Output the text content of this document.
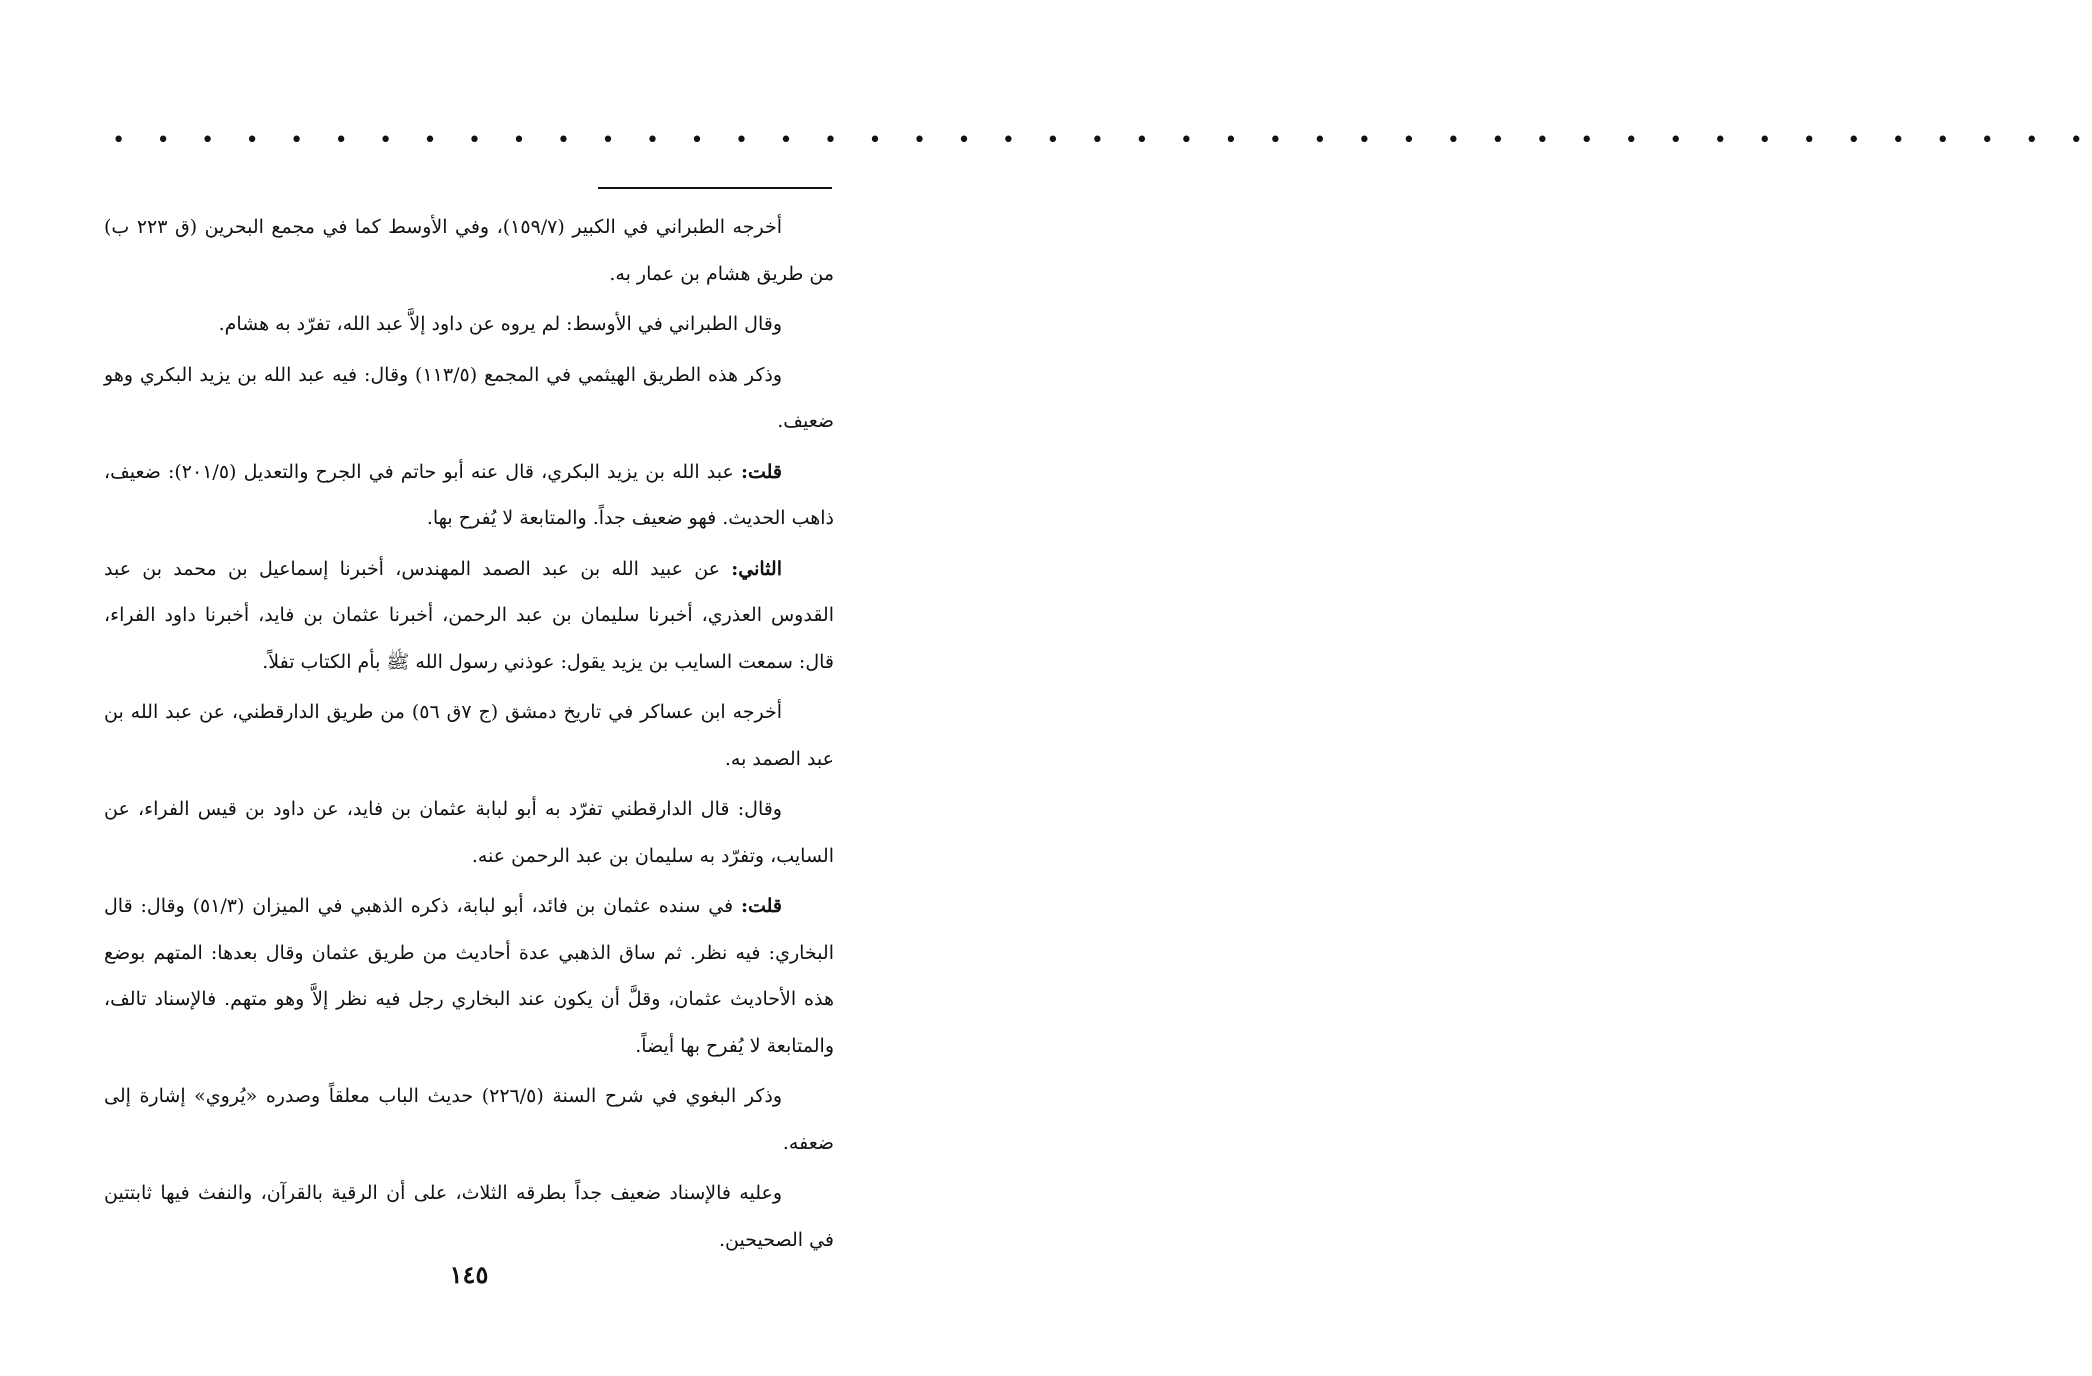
• • • • • • • • • • • • • • • • • • • • • • • • • • • • • • • • • • • • • • • • • • • • •

أخرجه الطبراني في الكبير (١٥٩/٧)، وفي الأوسط كما في مجمع البحرين (ق ٢٢٣ ب) من طريق هشام بن عمار به.

وقال الطبراني في الأوسط: لم يروه عن داود إلاَّ عبد الله، تفرّد به هشام.

وذكر هذه الطريق الهيثمي في المجمع (١١٣/٥) وقال: فيه عبد الله بن يزيد البكري وهو ضعيف.

قلت: عبد الله بن يزيد البكري، قال عنه أبو حاتم في الجرح والتعديل (٢٠١/٥): ضعيف، ذاهب الحديث. فهو ضعيف جداً. والمتابعة لا يُفرح بها.

الثاني: عن عبيد الله بن عبد الصمد المهندس، أخبرنا إسماعيل بن محمد بن عبد القدوس العذري، أخبرنا سليمان بن عبد الرحمن، أخبرنا عثمان بن فايد، أخبرنا داود الفراء، قال: سمعت السايب بن يزيد يقول: عوذني رسول الله ﷺ بأم الكتاب تفلاً.

أخرجه ابن عساكر في تاريخ دمشق (ج ٧ق ٥٦) من طريق الدارقطني، عن عبد الله بن عبد الصمد به.

وقال: قال الدارقطني تفرّد به أبو لبابة عثمان بن فايد، عن داود بن قيس الفراء، عن السايب، وتفرّد به سليمان بن عبد الرحمن عنه.

قلت: في سنده عثمان بن فائد، أبو لبابة، ذكره الذهبي في الميزان (٥١/٣) وقال: قال البخاري: فيه نظر. ثم ساق الذهبي عدة أحاديث من طريق عثمان وقال بعدها: المتهم بوضع هذه الأحاديث عثمان، وقلَّ أن يكون عند البخاري رجل فيه نظر إلاَّ وهو متهم. فالإسناد تالف، والمتابعة لا يُفرح بها أيضاً.

وذكر البغوي في شرح السنة (٢٢٦/٥) حديث الباب معلقاً وصدره «يُروي» إشارة إلى ضعفه.

وعليه فالإسناد ضعيف جداً بطرقه الثلاث، على أن الرقية بالقرآن، والنفث فيها ثابتتين في الصحيحين.

١٤٥
